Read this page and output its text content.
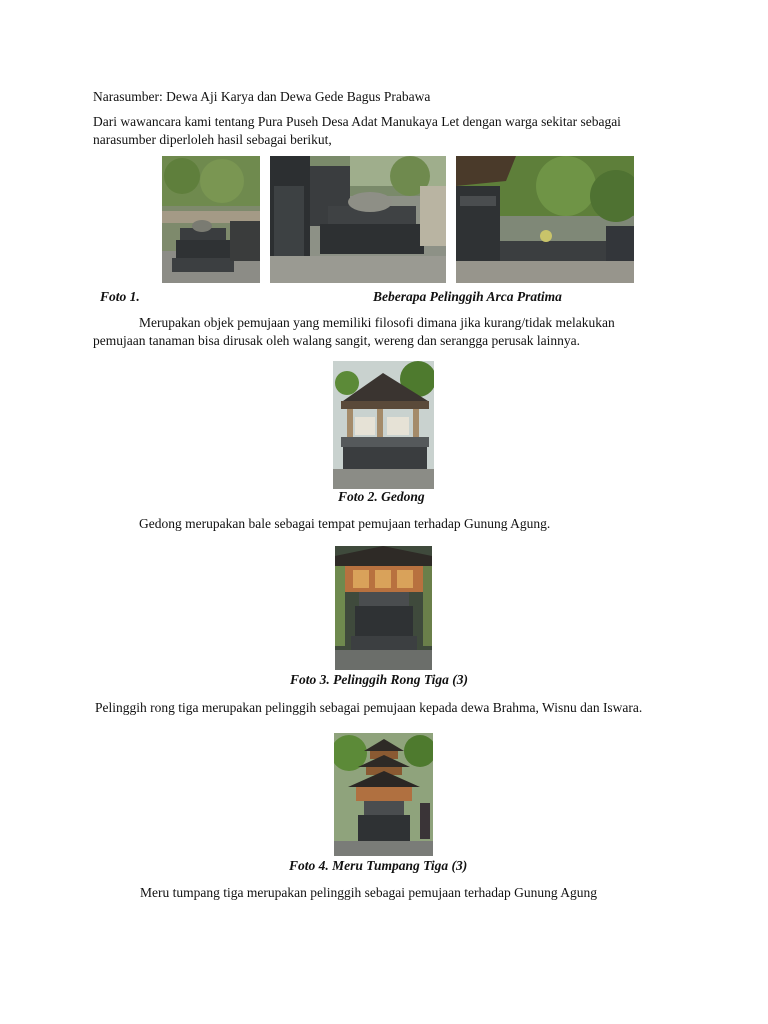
Narasumber: Dewa Aji Karya dan Dewa Gede Bagus Prabawa
Dari wawancara kami tentang Pura Puseh Desa Adat Manukaya Let dengan warga sekitar sebagai
narasumber diperloleh hasil sebagai berikut,
Foto 1.	Beberapa Pelinggih Arca Pratima
Merupakan objek pemujaan yang memiliki filosofi dimana jika kurang/tidak melakukan
pemujaan tanaman bisa dirusak oleh walang sangit, wereng dan serangga perusak lainnya.
Foto 2. Gedong
Gedong merupakan bale sebagai tempat pemujaan terhadap Gunung Agung.
Foto 3. Pelinggih Rong Tiga (3)
Pelinggih rong tiga merupakan pelinggih sebagai pemujaan kepada dewa Brahma, Wisnu dan Iswara.
Foto 4. Meru Tumpang Tiga (3)
Meru tumpang tiga merupakan pelinggih sebagai pemujaan terhadap Gunung Agung
